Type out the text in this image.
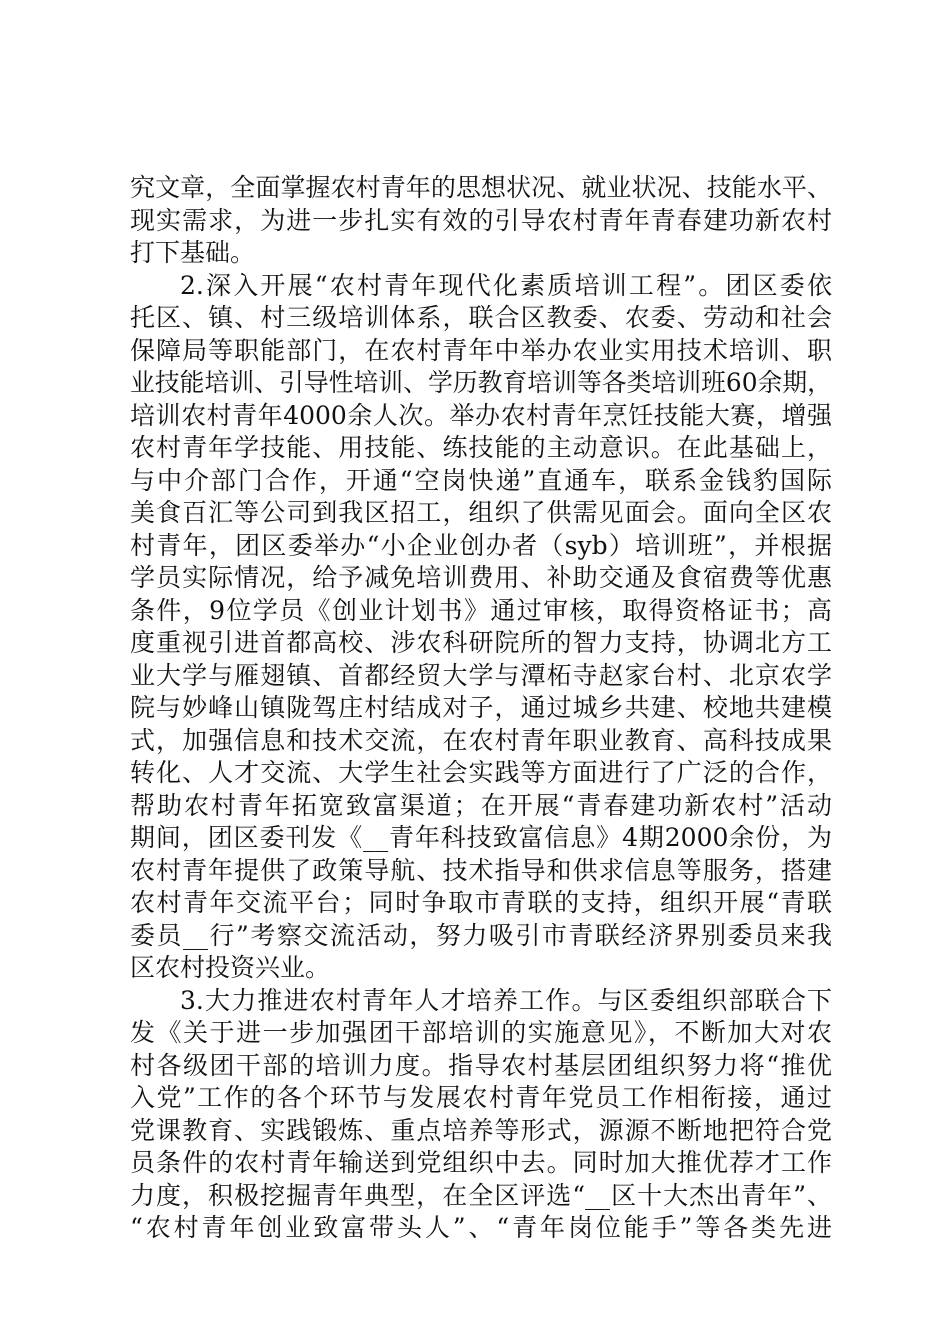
究文章，全面掌握农村青年的思想状况、就业状况、技能水平、
现实需求，为进一步扎实有效的引导农村青年青春建功新农村
打下基础。
2.深入开展“农村青年现代化素质培训工程”。团区委依
托区、镇、村三级培训体系，联合区教委、农委、劳动和社会
保障局等职能部门，在农村青年中举办农业实用技术培训、职
业技能培训、引导性培训、学历教育培训等各类培训班60余期，
培训农村青年4000余人次。举办农村青年烹饪技能大赛，增强
农村青年学技能、用技能、练技能的主动意识。在此基础上，
与中介部门合作，开通“空岗快递”直通车，联系金钱豹国际
美食百汇等公司到我区招工，组织了供需见面会。面向全区农
村青年，团区委举办“小企业创办者（syb）培训班”，并根据
学员实际情况，给予减免培训费用、补助交通及食宿费等优惠
条件，9位学员《创业计划书》通过审核，取得资格证书；高
度重视引进首都高校、涉农科研院所的智力支持，协调北方工
业大学与雁翅镇、首都经贸大学与潭柘寺赵家台村、北京农学
院与妙峰山镇陇驾庄村结成对子，通过城乡共建、校地共建模
式，加强信息和技术交流，在农村青年职业教育、高科技成果
转化、人才交流、大学生社会实践等方面进行了广泛的合作，
帮助农村青年拓宽致富渠道；在开展“青春建功新农村”活动
期间，团区委刊发《__青年科技致富信息》4期2000余份，为
农村青年提供了政策导航、技术指导和供求信息等服务，搭建
农村青年交流平台；同时争取市青联的支持，组织开展“青联
委员__行”考察交流活动，努力吸引市青联经济界别委员来我
区农村投资兴业。
3.大力推进农村青年人才培养工作。与区委组织部联合下
发《关于进一步加强团干部培训的实施意见》，不断加大对农
村各级团干部的培训力度。指导农村基层团组织努力将“推优
入党”工作的各个环节与发展农村青年党员工作相衔接，通过
党课教育、实践锻炼、重点培养等形式，源源不断地把符合党
员条件的农村青年输送到党组织中去。同时加大推优荐才工作
力度，积极挖掘青年典型，在全区评选“__区十大杰出青年”、
“农村青年创业致富带头人”、“青年岗位能手”等各类先进
